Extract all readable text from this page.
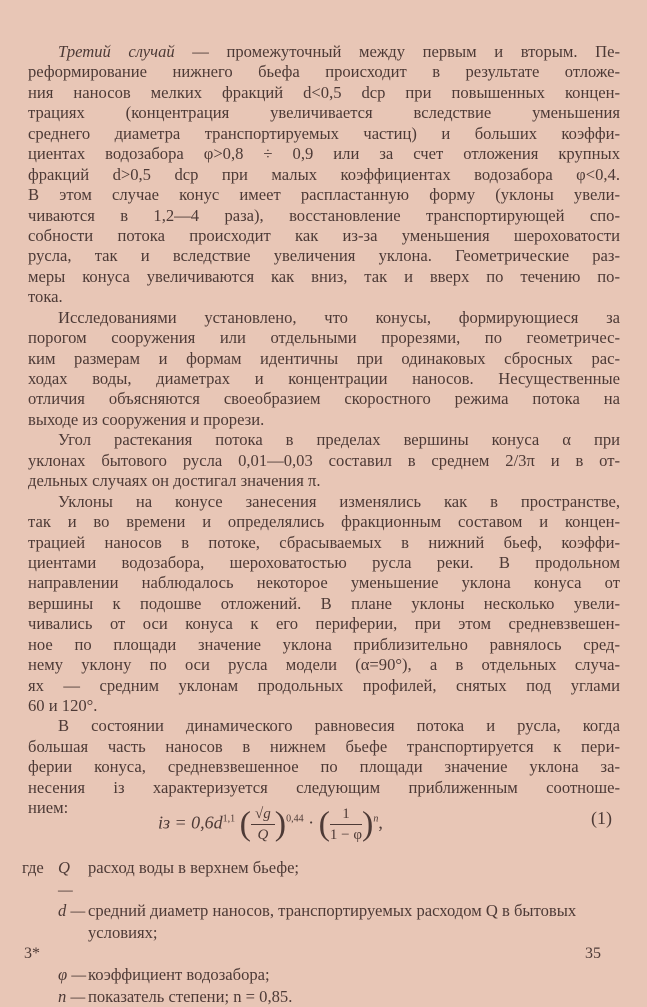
Третий случай — промежуточный между первым и вторым. Пе-
реформирование нижнего бьефа происходит в результате отложе-
ния наносов мелких фракций d<0,5 dср при повышенных концен-
трациях (концентрация увеличивается вследствие уменьшения
среднего диаметра транспортируемых частиц) и больших коэффи-
циентах водозабора φ>0,8 ÷ 0,9 или за счет отложения крупных
фракций d>0,5 dср при малых коэффициентах водозабора φ<0,4.
В этом случае конус имеет распластанную форму (уклоны увели-
чиваются в 1,2—4 раза), восстановление транспортирующей спо-
собности потока происходит как из-за уменьшения шероховатости
русла, так и вследствие увеличения уклона. Геометрические раз-
меры конуса увеличиваются как вниз, так и вверх по течению по-
тока.
Исследованиями установлено, что конусы, формирующиеся за
порогом сооружения или отдельными прорезями, по геометричес-
ким размерам и формам идентичны при одинаковых сбросных рас-
ходах воды, диаметрах и концентрации наносов. Несущественные
отличия объясняются своеобразием скоростного режима потока на
выходе из сооружения и прорези.
Угол растекания потока в пределах вершины конуса α при
уклонах бытового русла 0,01—0,03 составил в среднем 2/3π и в от-
дельных случаях он достигал значения π.
Уклоны на конусе занесения изменялись как в пространстве,
так и во времени и определялись фракционным составом и концен-
трацией наносов в потоке, сбрасываемых в нижний бьеф, коэффи-
циентами водозабора, шероховатостью русла реки. В продольном
направлении наблюдалось некоторое уменьшение уклона конуса от
вершины к подошве отложений. В плане уклоны несколько увели-
чивались от оси конуса к его периферии, при этом средневзвешен-
ное по площади значение уклона приблизительно равнялось сред-
нему уклону по оси русла модели (α=90°), а в отдельных случа-
ях — средним уклонам продольных профилей, снятых под углами
60 и 120°.
В состоянии динамического равновесия потока и русла, когда
большая часть наносов в нижнем бьефе транспортируется к пери-
ферии конуса, средневзвешенное по площади значение уклона за-
несения iз характеризуется следующим приближенным соотноше-
нием:
iз = $0,6d^{1,1}$ ( $\frac{√g}{Q} )^{0,44}$ · ( $\frac{1}{1 - \varphi} )^n$,	(1)
где Q —
расход воды в верхнем бьефе;
d — средний диаметр наносов, транспортируемых расходом Q в бытовых условиях;
φ — коэффициент водозабора;
n — показатель степени; n = 0,85.
3*	35
